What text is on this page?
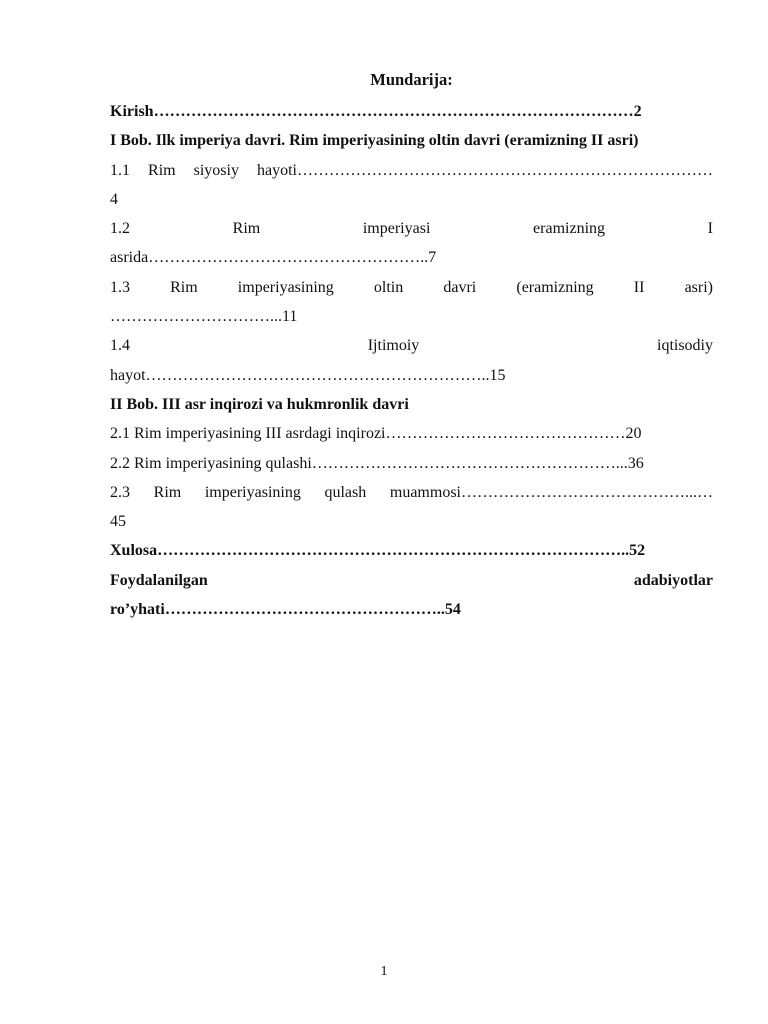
Mundarija:
Kirish………………………………………………………………………………2
I Bob. Ilk imperiya davri. Rim imperiyasining oltin davri (eramizning II asri)
1.1 Rim siyosiy hayoti……………………………………………………………………
4
1.2 Rim imperiyasi eramizning I
asrida……………………………………………..7
1.3 Rim imperiyasining oltin davri (eramizning II asri)
…………………………...11
1.4 Ijtimoiy iqtisodiy
hayot………………………………………………………..15
II Bob. III asr inqirozi va hukmronlik davri
2.1 Rim imperiyasining III asrdagi inqirozi………………………………………20
2.2 Rim imperiyasining qulashi…………………………………………………...36
2.3 Rim imperiyasining qulash muammosi……………………………………...…
45
Xulosa……………………………………………………………………………..52
Foydalanilgan adabiyotlar
ro’yhati……………………………………………..54
1
